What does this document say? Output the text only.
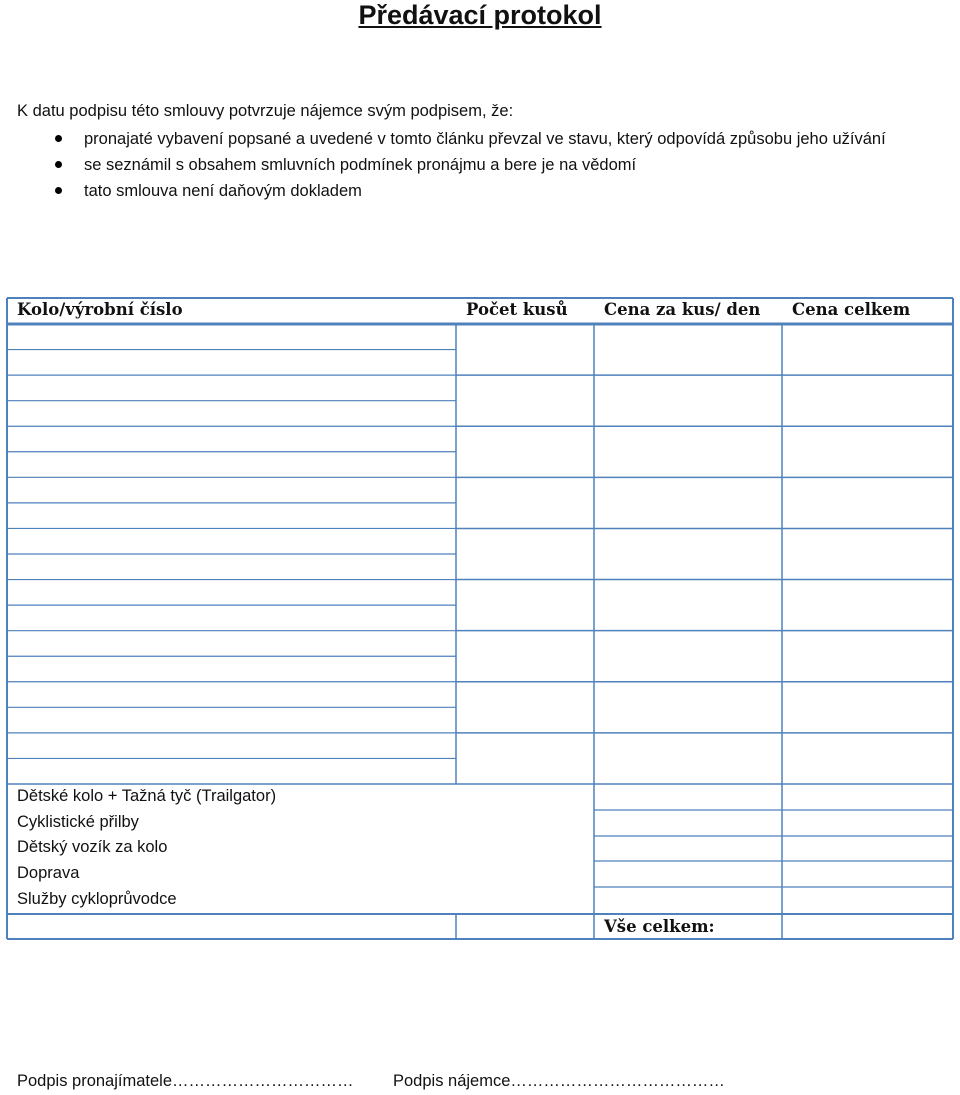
Předávací protokol
K datu podpisu této smlouvy potvrzuje nájemce svým podpisem, že:
pronajaté vybavení popsané a uvedené v tomto článku převzal ve stavu, který odpovídá způsobu jeho užívání
se seznámil s obsahem smluvních podmínek pronájmu a bere je na vědomí
tato smlouva není daňovým dokladem
Kolo/výrobní číslo	Počet kusů Cena za kus/ den Cena celkem
Dětské kolo + Tažná tyč (Trailgator)
Cyklistické přilby
Dětský vozík za kolo
Doprava
Služby cykloprůvodce
Vše celkem:
Podpis pronajímatele…………………………… Podpis nájemce…………………………………
